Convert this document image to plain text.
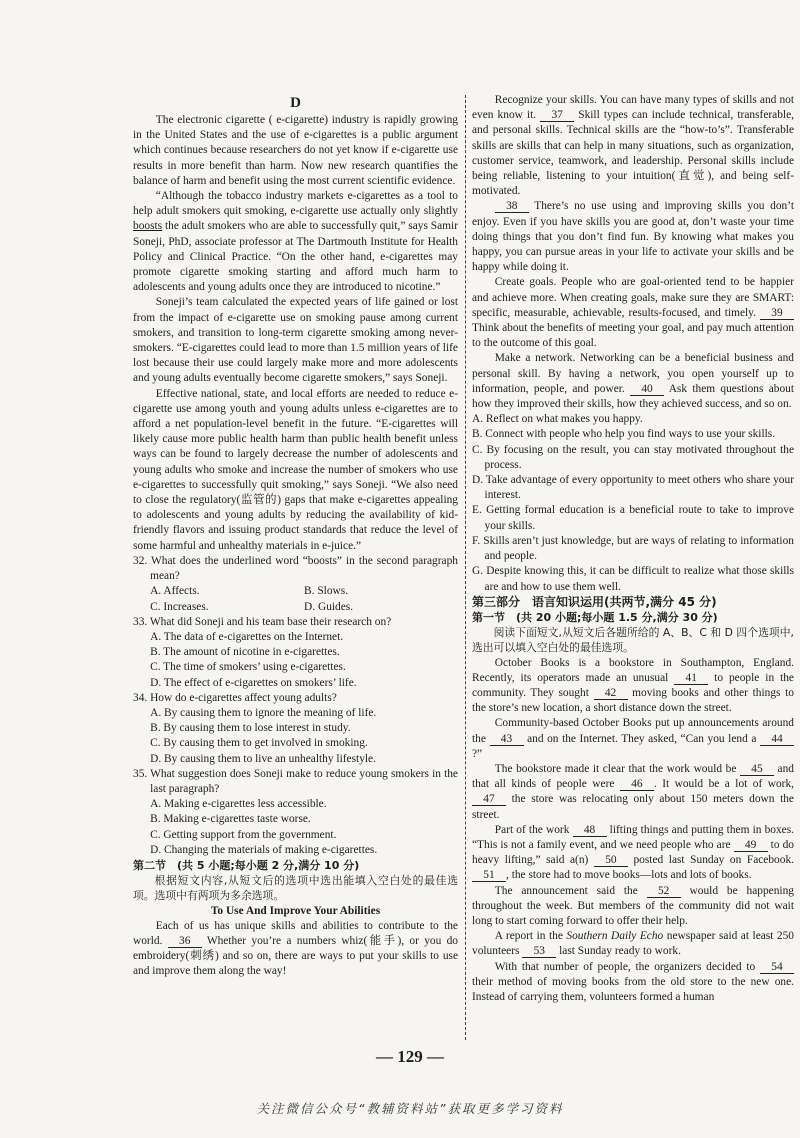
D

The electronic cigarette ( e-cigarette) industry is rapidly growing in the United States and the use of e-cigarettes is a public argument which continues because researchers do not yet know if e-cigarette use results in more benefit than harm. Now new research quantifies the balance of harm and benefit using the most current scientific evidence.

“Although the tobacco industry markets e-cigarettes as a tool to help adult smokers quit smoking, e-cigarette use actually only slightly boosts the adult smokers who are able to successfully quit,” says Samir Soneji, PhD, associate professor at The Dartmouth Institute for Health Policy and Clinical Practice. “On the other hand, e-cigarettes may promote cigarette smoking starting and afford much harm to adolescents and young adults once they are introduced to nicotine.”

Soneji’s team calculated the expected years of life gained or lost from the impact of e-cigarette use on smoking pause among current smokers, and transition to long-term cigarette smoking among never-smokers. “E-cigarettes could lead to more than 1.5 million years of life lost because their use could largely make more and more adolescents and young adults eventually become cigarette smokers,” says Soneji.

Effective national, state, and local efforts are needed to reduce e-cigarette use among youth and young adults unless e-cigarettes are to afford a net population-level benefit in the future. “E-cigarettes will likely cause more public health harm than public health benefit unless ways can be found to largely decrease the number of adolescents and young adults who smoke and increase the number of smokers who use e-cigarettes to successfully quit smoking,” says Soneji. “We also need to close the regulatory(监管的) gaps that make e-cigarettes appealing to adolescents and young adults by reducing the availability of kid-friendly flavors and issuing product standards that reduce the level of some harmful and unhealthy materials in e-juice.”

32. What does the underlined word “boosts” in the second paragraph mean?

A. Affects.	B. Slows.
C. Increases.	D. Guides.

33. What did Soneji and his team base their research on?

A. The data of e-cigarettes on the Internet.

B. The amount of nicotine in e-cigarettes.

C. The time of smokers’ using e-cigarettes.

D. The effect of e-cigarettes on smokers’ life.

34. How do e-cigarettes affect young adults?

A. By causing them to ignore the meaning of life.

B. By causing them to lose interest in study.

C. By causing them to get involved in smoking.

D. By causing them to live an unhealthy lifestyle.

35. What suggestion does Soneji make to reduce young smokers in the last paragraph?

A. Making e-cigarettes less accessible.

B. Making e-cigarettes taste worse.

C. Getting support from the government.

D. Changing the materials of making e-cigarettes.

第二节　(共 5 小题;每小题 2 分,满分 10 分)

根据短文内容,从短文后的选项中选出能填入空白处的最佳选项。选项中有两项为多余选项。

To Use And Improve Your Abilities

Each of us has unique skills and abilities to contribute to the world. 36 Whether you’re a numbers whiz(能手), or you do embroidery(刺绣) and so on, there are ways to put your skills to use and improve them along the way!

Recognize your skills. You can have many types of skills and not even know it. 37 Skill types can include technical, transferable, and personal skills. Technical skills are the “how-to’s”. Transferable skills are skills that can help in many situations, such as organization, customer service, teamwork, and leadership. Personal skills include being reliable, listening to your intuition(直觉), and being self-motivated.

38 There’s no use using and improving skills you don’t enjoy. Even if you have skills you are good at, don’t waste your time doing things that you don’t find fun. By knowing what makes you happy, you can pursue areas in your life to activate your skills and be happy while doing it.

Create goals. People who are goal-oriented tend to be happier and achieve more. When creating goals, make sure they are SMART: specific, measurable, achievable, results-focused, and timely. 39 Think about the benefits of meeting your goal, and pay much attention to the outcome of this goal.

Make a network. Networking can be a beneficial business and personal skill. By having a network, you open yourself up to information, people, and power. 40 Ask them questions about how they improved their skills, how they achieved success, and so on.

A. Reflect on what makes you happy.

B. Connect with people who help you find ways to use your skills.

C. By focusing on the result, you can stay motivated throughout the process.

D. Take advantage of every opportunity to meet others who share your interest.

E. Getting formal education is a beneficial route to take to improve your skills.

F. Skills aren’t just knowledge, but are ways of relating to information and people.

G. Despite knowing this, it can be difficult to realize what those skills are and how to use them well.

第三部分　语言知识运用(共两节,满分 45 分)

第一节　(共 20 小题;每小题 1.5 分,满分 30 分)

阅读下面短文,从短文后各题所给的 A、B、C 和 D 四个选项中,选出可以填入空白处的最佳选项。

October Books is a bookstore in Southampton, England. Recently, its operators made an unusual 41 to people in the community. They sought 42 moving books and other things to the store’s new location, a short distance down the street.

Community-based October Books put up announcements around the 43 and on the Internet. They asked, “Can you lend a 44?”

The bookstore made it clear that the work would be 45 and that all kinds of people were 46 . It would be a lot of work, 47 the store was relocating only about 150 meters down the street.

Part of the work 48 lifting things and putting them in boxes. “This is not a family event, and we need people who are 49 to do heavy lifting,” said a(n) 50 posted last Sunday on Facebook. 51 , the store had to move books—lots and lots of books.

The announcement said the 52 would be happening throughout the week. But members of the community did not wait long to start coming forward to offer their help.

A report in the Southern Daily Echo newspaper said at least 250 volunteers 53 last Sunday ready to work.

With that number of people, the organizers decided to 54 their method of moving books from the old store to the new one. Instead of carrying them, volunteers formed a human

— 129 —
关注微信公众号“教辅资料站”获取更多学习资料
